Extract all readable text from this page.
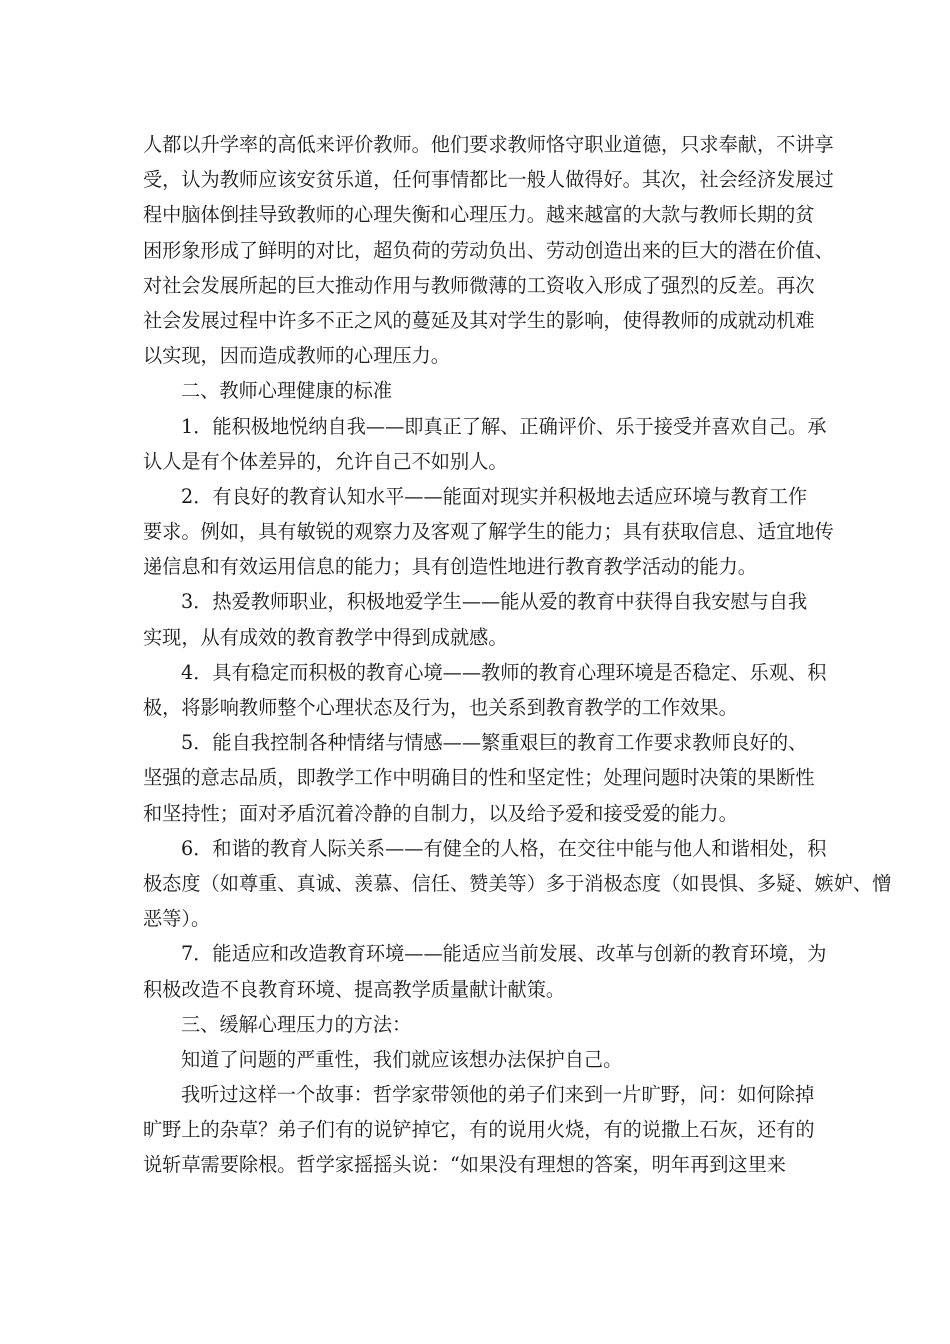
人都以升学率的高低来评价教师。他们要求教师恪守职业道德，只求奉献，不讲享
受，认为教师应该安贫乐道，任何事情都比一般人做得好。其次，社会经济发展过
程中脑体倒挂导致教师的心理失衡和心理压力。越来越富的大款与教师长期的贫
困形象形成了鲜明的对比，超负荷的劳动负出、劳动创造出来的巨大的潜在价值、
对社会发展所起的巨大推动作用与教师微薄的工资收入形成了强烈的反差。再次
社会发展过程中许多不正之风的蔓延及其对学生的影响，使得教师的成就动机难
以实现，因而造成教师的心理压力。
二、教师心理健康的标准
1．能积极地悦纳自我——即真正了解、正确评价、乐于接受并喜欢自己。承
认人是有个体差异的，允许自己不如别人。
2．有良好的教育认知水平——能面对现实并积极地去适应环境与教育工作
要求。例如，具有敏锐的观察力及客观了解学生的能力；具有获取信息、适宜地传
递信息和有效运用信息的能力；具有创造性地进行教育教学活动的能力。
3．热爱教师职业，积极地爱学生——能从爱的教育中获得自我安慰与自我
实现，从有成效的教育教学中得到成就感。
4．具有稳定而积极的教育心境——教师的教育心理环境是否稳定、乐观、积
极，将影响教师整个心理状态及行为，也关系到教育教学的工作效果。
5．能自我控制各种情绪与情感——繁重艰巨的教育工作要求教师良好的、
坚强的意志品质，即教学工作中明确目的性和坚定性；处理问题时决策的果断性
和坚持性；面对矛盾沉着冷静的自制力，以及给予爱和接受爱的能力。
6．和谐的教育人际关系——有健全的人格，在交往中能与他人和谐相处，积
极态度（如尊重、真诚、羡慕、信任、赞美等）多于消极态度（如畏惧、多疑、嫉妒、憎
恶等）。
7．能适应和改造教育环境——能适应当前发展、改革与创新的教育环境，为
积极改造不良教育环境、提高教学质量献计献策。
三、缓解心理压力的方法：
知道了问题的严重性，我们就应该想办法保护自己。
我听过这样一个故事：哲学家带领他的弟子们来到一片旷野，问：如何除掉
旷野上的杂草？弟子们有的说铲掉它，有的说用火烧，有的说撒上石灰，还有的
说斩草需要除根。哲学家摇摇头说：“如果没有理想的答案，明年再到这里来
